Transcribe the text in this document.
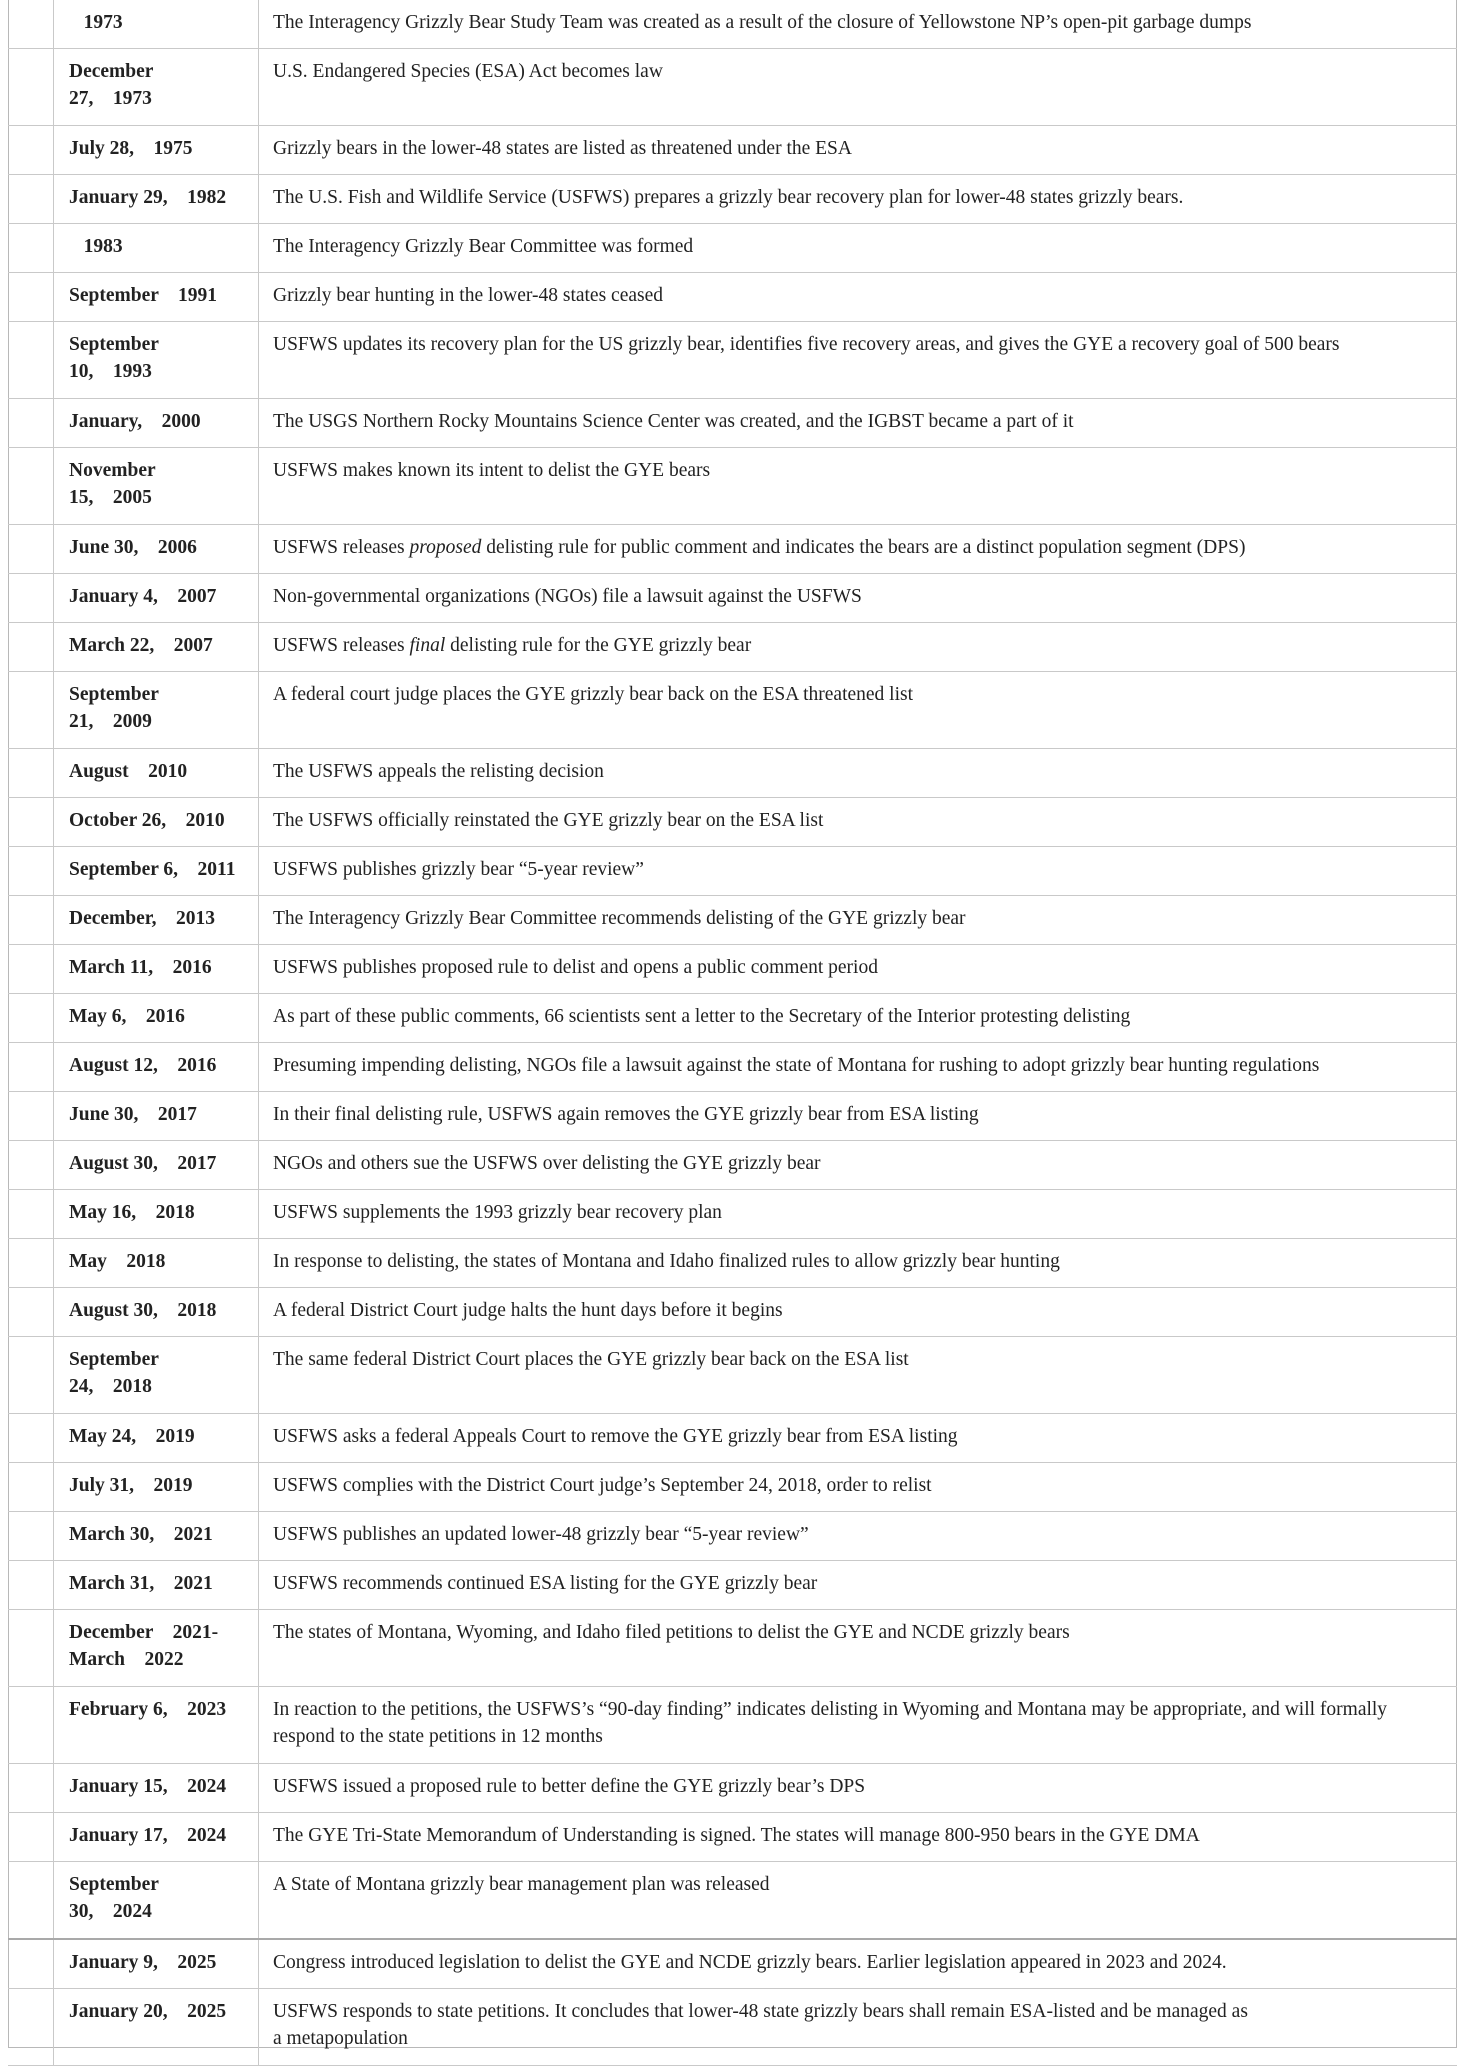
	1973	The Interagency Grizzly Bear Study Team was created as a result of the closure of Yellowstone NP’s open-pit garbage dumps

	December
27,    1973	U.S. Endangered Species (ESA) Act becomes law

	July 28,    1975	Grizzly bears in the lower-48 states are listed as threatened under the ESA

	January 29,    1982	The U.S. Fish and Wildlife Service (USFWS) prepares a grizzly bear recovery plan for lower-48 states grizzly bears.

	1983	The Interagency Grizzly Bear Committee was formed

	September    1991	Grizzly bear hunting in the lower-48 states ceased

	September
10,    1993	USFWS updates its recovery plan for the US grizzly bear, identifies five recovery areas, and gives the GYE a recovery goal of 500 bears

	January,    2000	The USGS Northern Rocky Mountains Science Center was created, and the IGBST became a part of it

	November
15,    2005	USFWS makes known its intent to delist the GYE bears

	June 30,    2006	USFWS releases proposed delisting rule for public comment and indicates the bears are a distinct population segment (DPS)

	January 4,    2007	Non-governmental organizations (NGOs) file a lawsuit against the USFWS

	March 22,    2007	USFWS releases final delisting rule for the GYE grizzly bear

	September
21,    2009	A federal court judge places the GYE grizzly bear back on the ESA threatened list

	August    2010	The USFWS appeals the relisting decision

	October 26,    2010	The USFWS officially reinstated the GYE grizzly bear on the ESA list

	September 6,    2011	USFWS publishes grizzly bear “5-year review”

	December,    2013	The Interagency Grizzly Bear Committee recommends delisting of the GYE grizzly bear

	March 11,    2016	USFWS publishes proposed rule to delist and opens a public comment period

	May 6,    2016	As part of these public comments, 66 scientists sent a letter to the Secretary of the Interior protesting delisting

	August 12,    2016	Presuming impending delisting, NGOs file a lawsuit against the state of Montana for rushing to adopt grizzly bear hunting regulations

	June 30,    2017	In their final delisting rule, USFWS again removes the GYE grizzly bear from ESA listing

	August 30,    2017	NGOs and others sue the USFWS over delisting the GYE grizzly bear

	May 16,    2018	USFWS supplements the 1993 grizzly bear recovery plan

	May    2018	In response to delisting, the states of Montana and Idaho finalized rules to allow grizzly bear hunting

	August 30,    2018	A federal District Court judge halts the hunt days before it begins

	September
24,    2018	The same federal District Court places the GYE grizzly bear back on the ESA list

	May 24,    2019	USFWS asks a federal Appeals Court to remove the GYE grizzly bear from ESA listing

	July 31,    2019	USFWS complies with the District Court judge’s September 24, 2018, order to relist

	March 30,    2021	USFWS publishes an updated lower-48 grizzly bear “5-year review”

	March 31,    2021	USFWS recommends continued ESA listing for the GYE grizzly bear

	December    2021-
March    2022	The states of Montana, Wyoming, and Idaho filed petitions to delist the GYE and NCDE grizzly bears

	February 6,    2023	In reaction to the petitions, the USFWS’s “90-day finding” indicates delisting in Wyoming and Montana may be appropriate, and will formally respond to the state petitions in 12 months

	January 15,    2024	USFWS issued a proposed rule to better define the GYE grizzly bear’s DPS

	January 17,    2024	The GYE Tri-State Memorandum of Understanding is signed. The states will manage 800-950 bears in the GYE DMA

	September
30,    2024	A State of Montana grizzly bear management plan was released

	January 9,    2025	Congress introduced legislation to delist the GYE and NCDE grizzly bears. Earlier legislation appeared in 2023 and 2024.

	January 20,    2025	USFWS responds to state petitions. It concludes that lower-48 state grizzly bears shall remain ESA-listed and be managed as
a metapopulation
